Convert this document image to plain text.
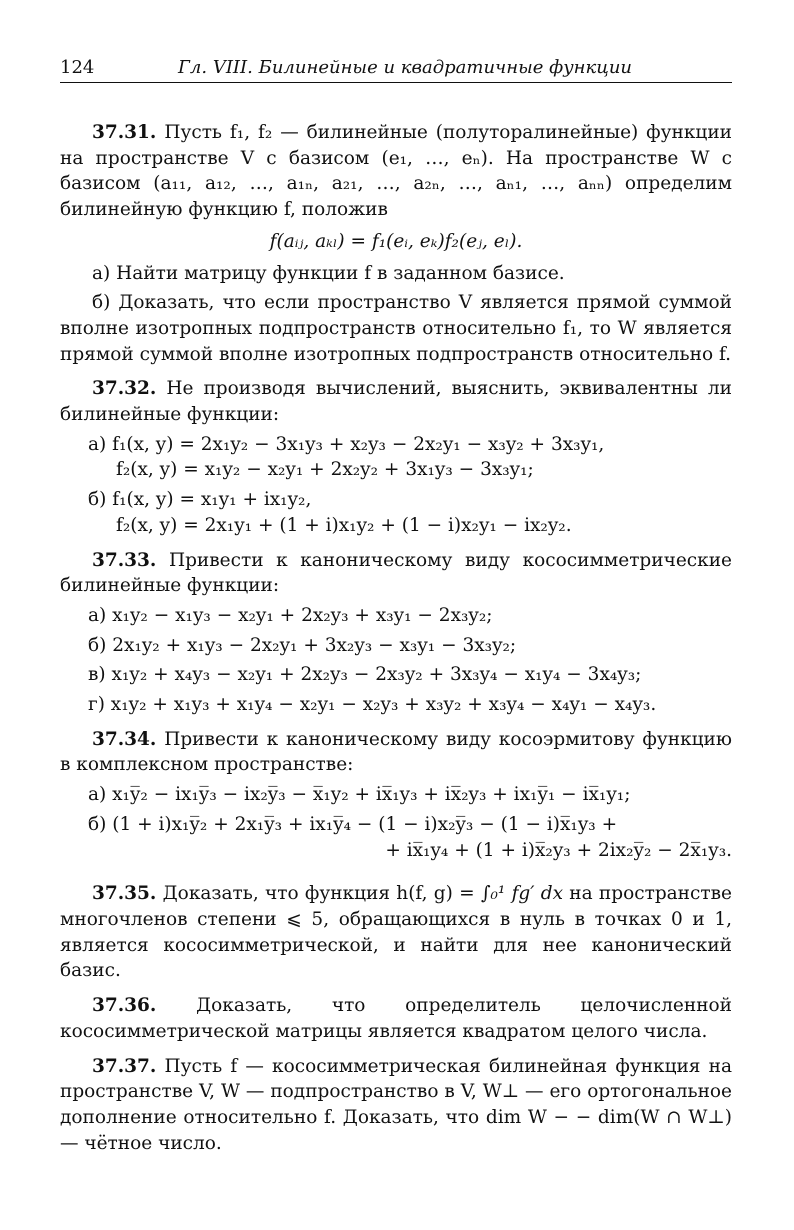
124	Гл. VIII. Билинейные и квадратичные функции

37.31. Пусть f₁, f₂ — билинейные (полуторалинейные) функции на пространстве V с базисом (e₁, …, eₙ). На пространстве W с базисом (a₁₁, a₁₂, …, a₁ₙ, a₂₁, …, a₂ₙ, …, aₙ₁, …, aₙₙ) определим билинейную функцию f, положив

f(aᵢⱼ, aₖₗ) = f₁(eᵢ, eₖ)f₂(eⱼ, eₗ).

а) Найти матрицу функции f в заданном базисе.

б) Доказать, что если пространство V является прямой суммой вполне изотропных подпространств относительно f₁, то W является прямой суммой вполне изотропных подпространств относительно f.

37.32. Не производя вычислений, выяснить, эквивалентны ли билинейные функции:

а) f₁(x, y) = 2x₁y₂ − 3x₁y₃ + x₂y₃ − 2x₂y₁ − x₃y₂ + 3x₃y₁,

f₂(x, y) = x₁y₂ − x₂y₁ + 2x₂y₂ + 3x₁y₃ − 3x₃y₁;

б) f₁(x, y) = x₁y₁ + ix₁y₂,

f₂(x, y) = 2x₁y₁ + (1 + i)x₁y₂ + (1 − i)x₂y₁ − ix₂y₂.

37.33. Привести к каноническому виду кососимметрические билинейные функции:

а) x₁y₂ − x₁y₃ − x₂y₁ + 2x₂y₃ + x₃y₁ − 2x₃y₂;

б) 2x₁y₂ + x₁y₃ − 2x₂y₁ + 3x₂y₃ − x₃y₁ − 3x₃y₂;

в) x₁y₂ + x₄y₃ − x₂y₁ + 2x₂y₃ − 2x₃y₂ + 3x₃y₄ − x₁y₄ − 3x₄y₃;

г) x₁y₂ + x₁y₃ + x₁y₄ − x₂y₁ − x₂y₃ + x₃y₂ + x₃y₄ − x₄y₁ − x₄y₃.

37.34. Привести к каноническому виду косоэрмитову функцию в комплексном пространстве:

а) x₁y̅₂ − ix₁y̅₃ − ix₂y̅₃ − x̅₁y₂ + ix̅₁y₃ + ix̅₂y₃ + ix₁y̅₁ − ix̅₁y₁;

б) (1 + i)x₁y̅₂ + 2x₁y̅₃ + ix₁y̅₄ − (1 − i)x₂y̅₃ − (1 − i)x̅₁y₃ +

+ ix̅₁y₄ + (1 + i)x̅₂y₃ + 2ix₂y̅₂ − 2x̅₁y₃.

37.35. Доказать, что функция h(f, g) = ∫₀¹ fg′ dx на пространстве многочленов степени ⩽ 5, обращающихся в нуль в точках 0 и 1, является кососимметрической, и найти для нее канонический базис.

37.36. Доказать, что определитель целочисленной кососимметрической матрицы является квадратом целого числа.

37.37. Пусть f — кососимметрическая билинейная функция на пространстве V, W — подпространство в V, W⊥ — его ортогональное дополнение относительно f. Доказать, что dim W − − dim(W ∩ W⊥) — чётное число.
